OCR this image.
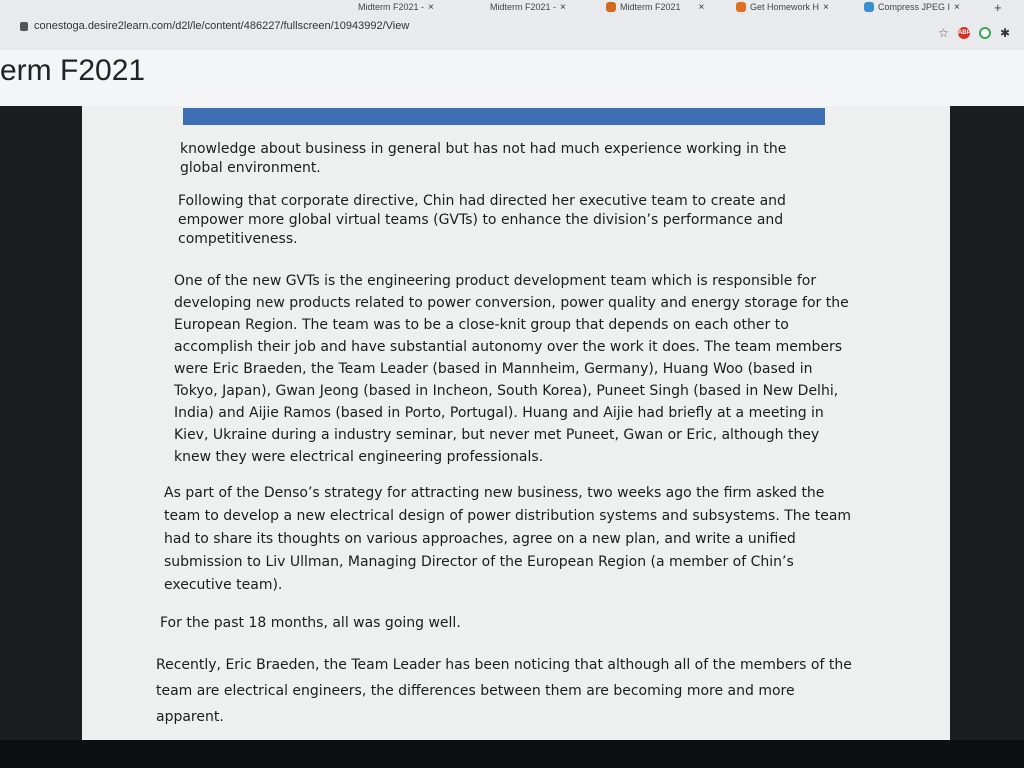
Midterm F2021 - ×	Midterm F2021 - ×	Midterm F2021 ×	Get Homework H ×	Compress JPEG I ×	+
conestoga.desire2learn.com/d2l/le/content/486227/fullscreen/10943992/View	☆ ABP ✱
erm F2021

knowledge about business in general but has not had much experience working in the global environment.

Following that corporate directive, Chin had directed her executive team to create and empower more global virtual teams (GVTs) to enhance the division’s performance and competitiveness.

One of the new GVTs is the engineering product development team which is responsible for developing new products related to power conversion, power quality and energy storage for the European Region. The team was to be a close-knit group that depends on each other to accomplish their job and have substantial autonomy over the work it does. The team members were Eric Braeden, the Team Leader (based in Mannheim, Germany), Huang Woo (based in Tokyo, Japan), Gwan Jeong (based in Incheon, South Korea), Puneet Singh (based in New Delhi, India) and Aijie Ramos (based in Porto, Portugal). Huang and Aijie had briefly at a meeting in Kiev, Ukraine during a industry seminar, but never met Puneet, Gwan or Eric, although they knew they were electrical engineering professionals.

As part of the Denso’s strategy for attracting new business, two weeks ago the firm asked the team to develop a new electrical design of power distribution systems and subsystems. The team had to share its thoughts on various approaches, agree on a new plan, and write a unified submission to Liv Ullman, Managing Director of the European Region (a member of Chin’s executive team).

For the past 18 months, all was going well.

Recently, Eric Braeden, the Team Leader has been noticing that although all of the members of the team are electrical engineers, the differences between them are becoming more and more apparent.
